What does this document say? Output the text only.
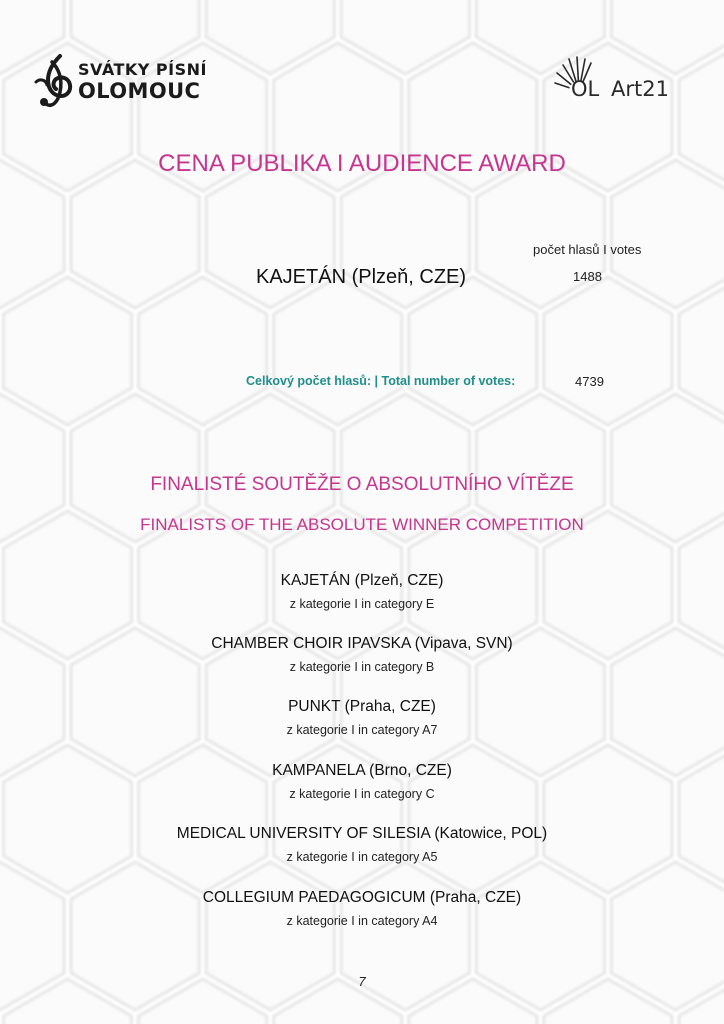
SVÁTKY PÍSNÍ
OLOMOUC	OL Art21
CENA PUBLIKA I AUDIENCE AWARD
počet hlasů I votes
KAJETÁN (Plzeň, CZE)	1488
Celkový počet hlasů: | Total number of votes:	4739
FINALISTÉ SOUTĚŽE O ABSOLUTNÍHO VÍTĚZE
FINALISTS OF THE ABSOLUTE WINNER COMPETITION
KAJETÁN (Plzeň, CZE)
z kategorie I in category E
CHAMBER CHOIR IPAVSKA (Vipava, SVN)
z kategorie I in category B
PUNKT (Praha, CZE)
z kategorie I in category A7
KAMPANELA (Brno, CZE)
z kategorie I in category C
MEDICAL UNIVERSITY OF SILESIA (Katowice, POL)
z kategorie I in category A5
COLLEGIUM PAEDAGOGICUM (Praha, CZE)
z kategorie I in category A4
7
